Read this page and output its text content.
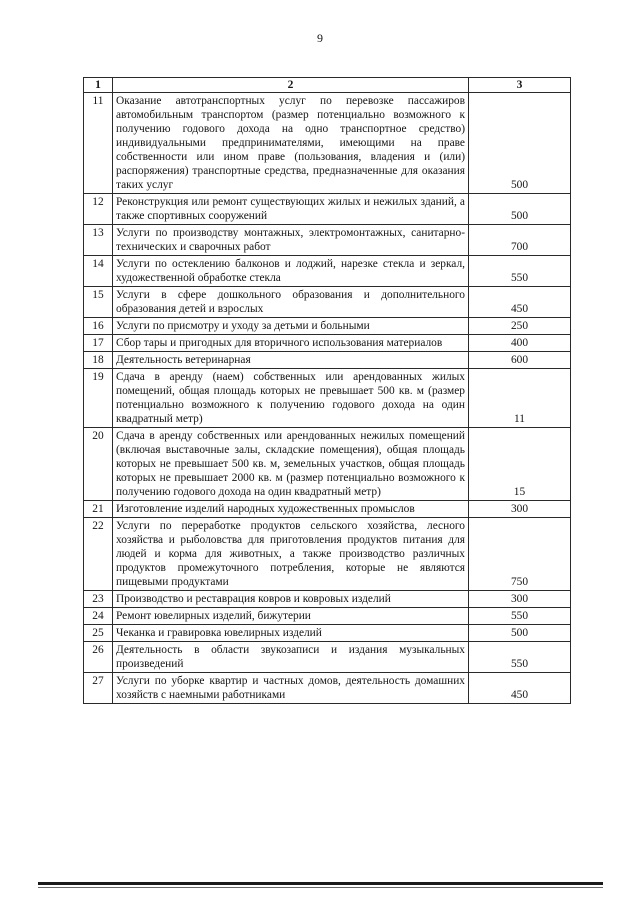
9
1	2	3
11	Оказание автотранспортных услуг по перевозке пассажиров автомобильным транспортом (размер потенциально возможного к получению годового дохода на одно транспортное средство) индивидуальными предпринимателями, имеющими на праве собственности или ином праве (пользования, владения и (или) распоряжения) транспортные средства, предназначенные для оказания таких услуг	500
12	Реконструкция или ремонт существующих жилых и нежилых зданий, а также спортивных сооружений	500
13	Услуги по производству монтажных, электромонтажных, санитарно-технических и сварочных работ	700
14	Услуги по остеклению балконов и лоджий, нарезке стекла и зеркал, художественной обработке стекла	550
15	Услуги в сфере дошкольного образования и дополнительного образования детей и взрослых	450
16	Услуги по присмотру и уходу за детьми и больными	250
17	Сбор тары и пригодных для вторичного использования материалов	400
18	Деятельность ветеринарная	600
19	Сдача в аренду (наем) собственных или арендованных жилых помещений, общая площадь которых не превышает 500 кв. м (размер потенциально возможного к получению годового дохода на один квадратный метр)	11
20	Сдача в аренду собственных или арендованных нежилых помещений (включая выставочные залы, складские помещения), общая площадь которых не превышает 500 кв. м, земельных участков, общая площадь которых не превышает 2000 кв. м (размер потенциально возможного к получению годового дохода на один квадратный метр)	15
21	Изготовление изделий народных художественных промыслов	300
22	Услуги по переработке продуктов сельского хозяйства, лесного хозяйства и рыболовства для приготовления продуктов питания для людей и корма для животных, а также производство различных продуктов промежуточного потребления, которые не являются пищевыми продуктами	750
23	Производство и реставрация ковров и ковровых изделий	300
24	Ремонт ювелирных изделий, бижутерии	550
25	Чеканка и гравировка ювелирных изделий	500
26	Деятельность в области звукозаписи и издания музыкальных произведений	550
27	Услуги по уборке квартир и частных домов, деятельность домашних хозяйств с наемными работниками	450
